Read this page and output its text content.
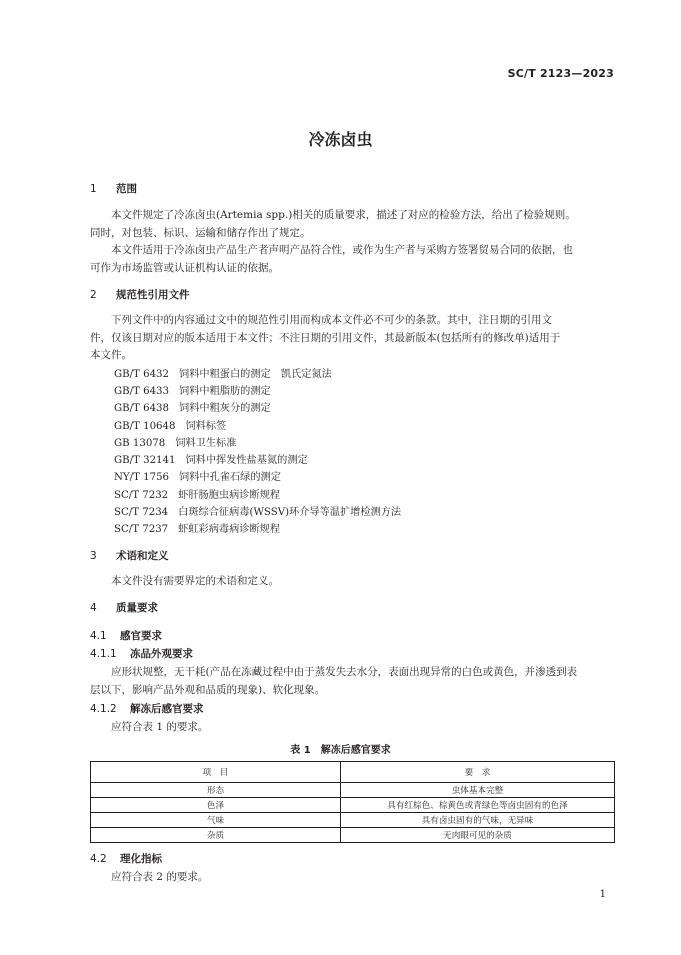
SC/T 2123—2023
冷冻卤虫
1 范围
本文件规定了冷冻卤虫(Artemia spp.)相关的质量要求，描述了对应的检验方法，给出了检验规则。
同时，对包装、标识、运输和储存作出了规定。
本文件适用于冷冻卤虫产品生产者声明产品符合性，或作为生产者与采购方签署贸易合同的依据，也
可作为市场监管或认证机构认证的依据。
2 规范性引用文件
下列文件中的内容通过文中的规范性引用而构成本文件必不可少的条款。其中，注日期的引用文
件，仅该日期对应的版本适用于本文件；不注日期的引用文件，其最新版本(包括所有的修改单)适用于
本文件。
GB/T 6432 饲料中粗蛋白的测定　凯氏定氮法
GB/T 6433 饲料中粗脂肪的测定
GB/T 6438 饲料中粗灰分的测定
GB/T 10648 饲料标签
GB 13078 饲料卫生标准
GB/T 32141 饲料中挥发性盐基氮的测定
NY/T 1756 饲料中孔雀石绿的测定
SC/T 7232 虾肝肠胞虫病诊断规程
SC/T 7234 白斑综合征病毒(WSSV)环介导等温扩增检测方法
SC/T 7237 虾虹彩病毒病诊断规程
3 术语和定义
本文件没有需要界定的术语和定义。
4 质量要求
4.1 感官要求
4.1.1 冻品外观要求
应形状规整，无干耗(产品在冻藏过程中由于蒸发失去水分，表面出现异常的白色或黄色，并渗透到表
层以下，影响产品外观和品质的现象)、软化现象。
4.1.2 解冻后感官要求
应符合表 1 的要求。
表 1　解冻后感官要求
项　目	要　求
形态	虫体基本完整
色泽	具有红棕色、棕黄色或青绿色等卤虫固有的色泽
气味	具有卤虫固有的气味，无异味
杂质	无肉眼可见的杂质
4.2 理化指标
应符合表 2 的要求。
1
